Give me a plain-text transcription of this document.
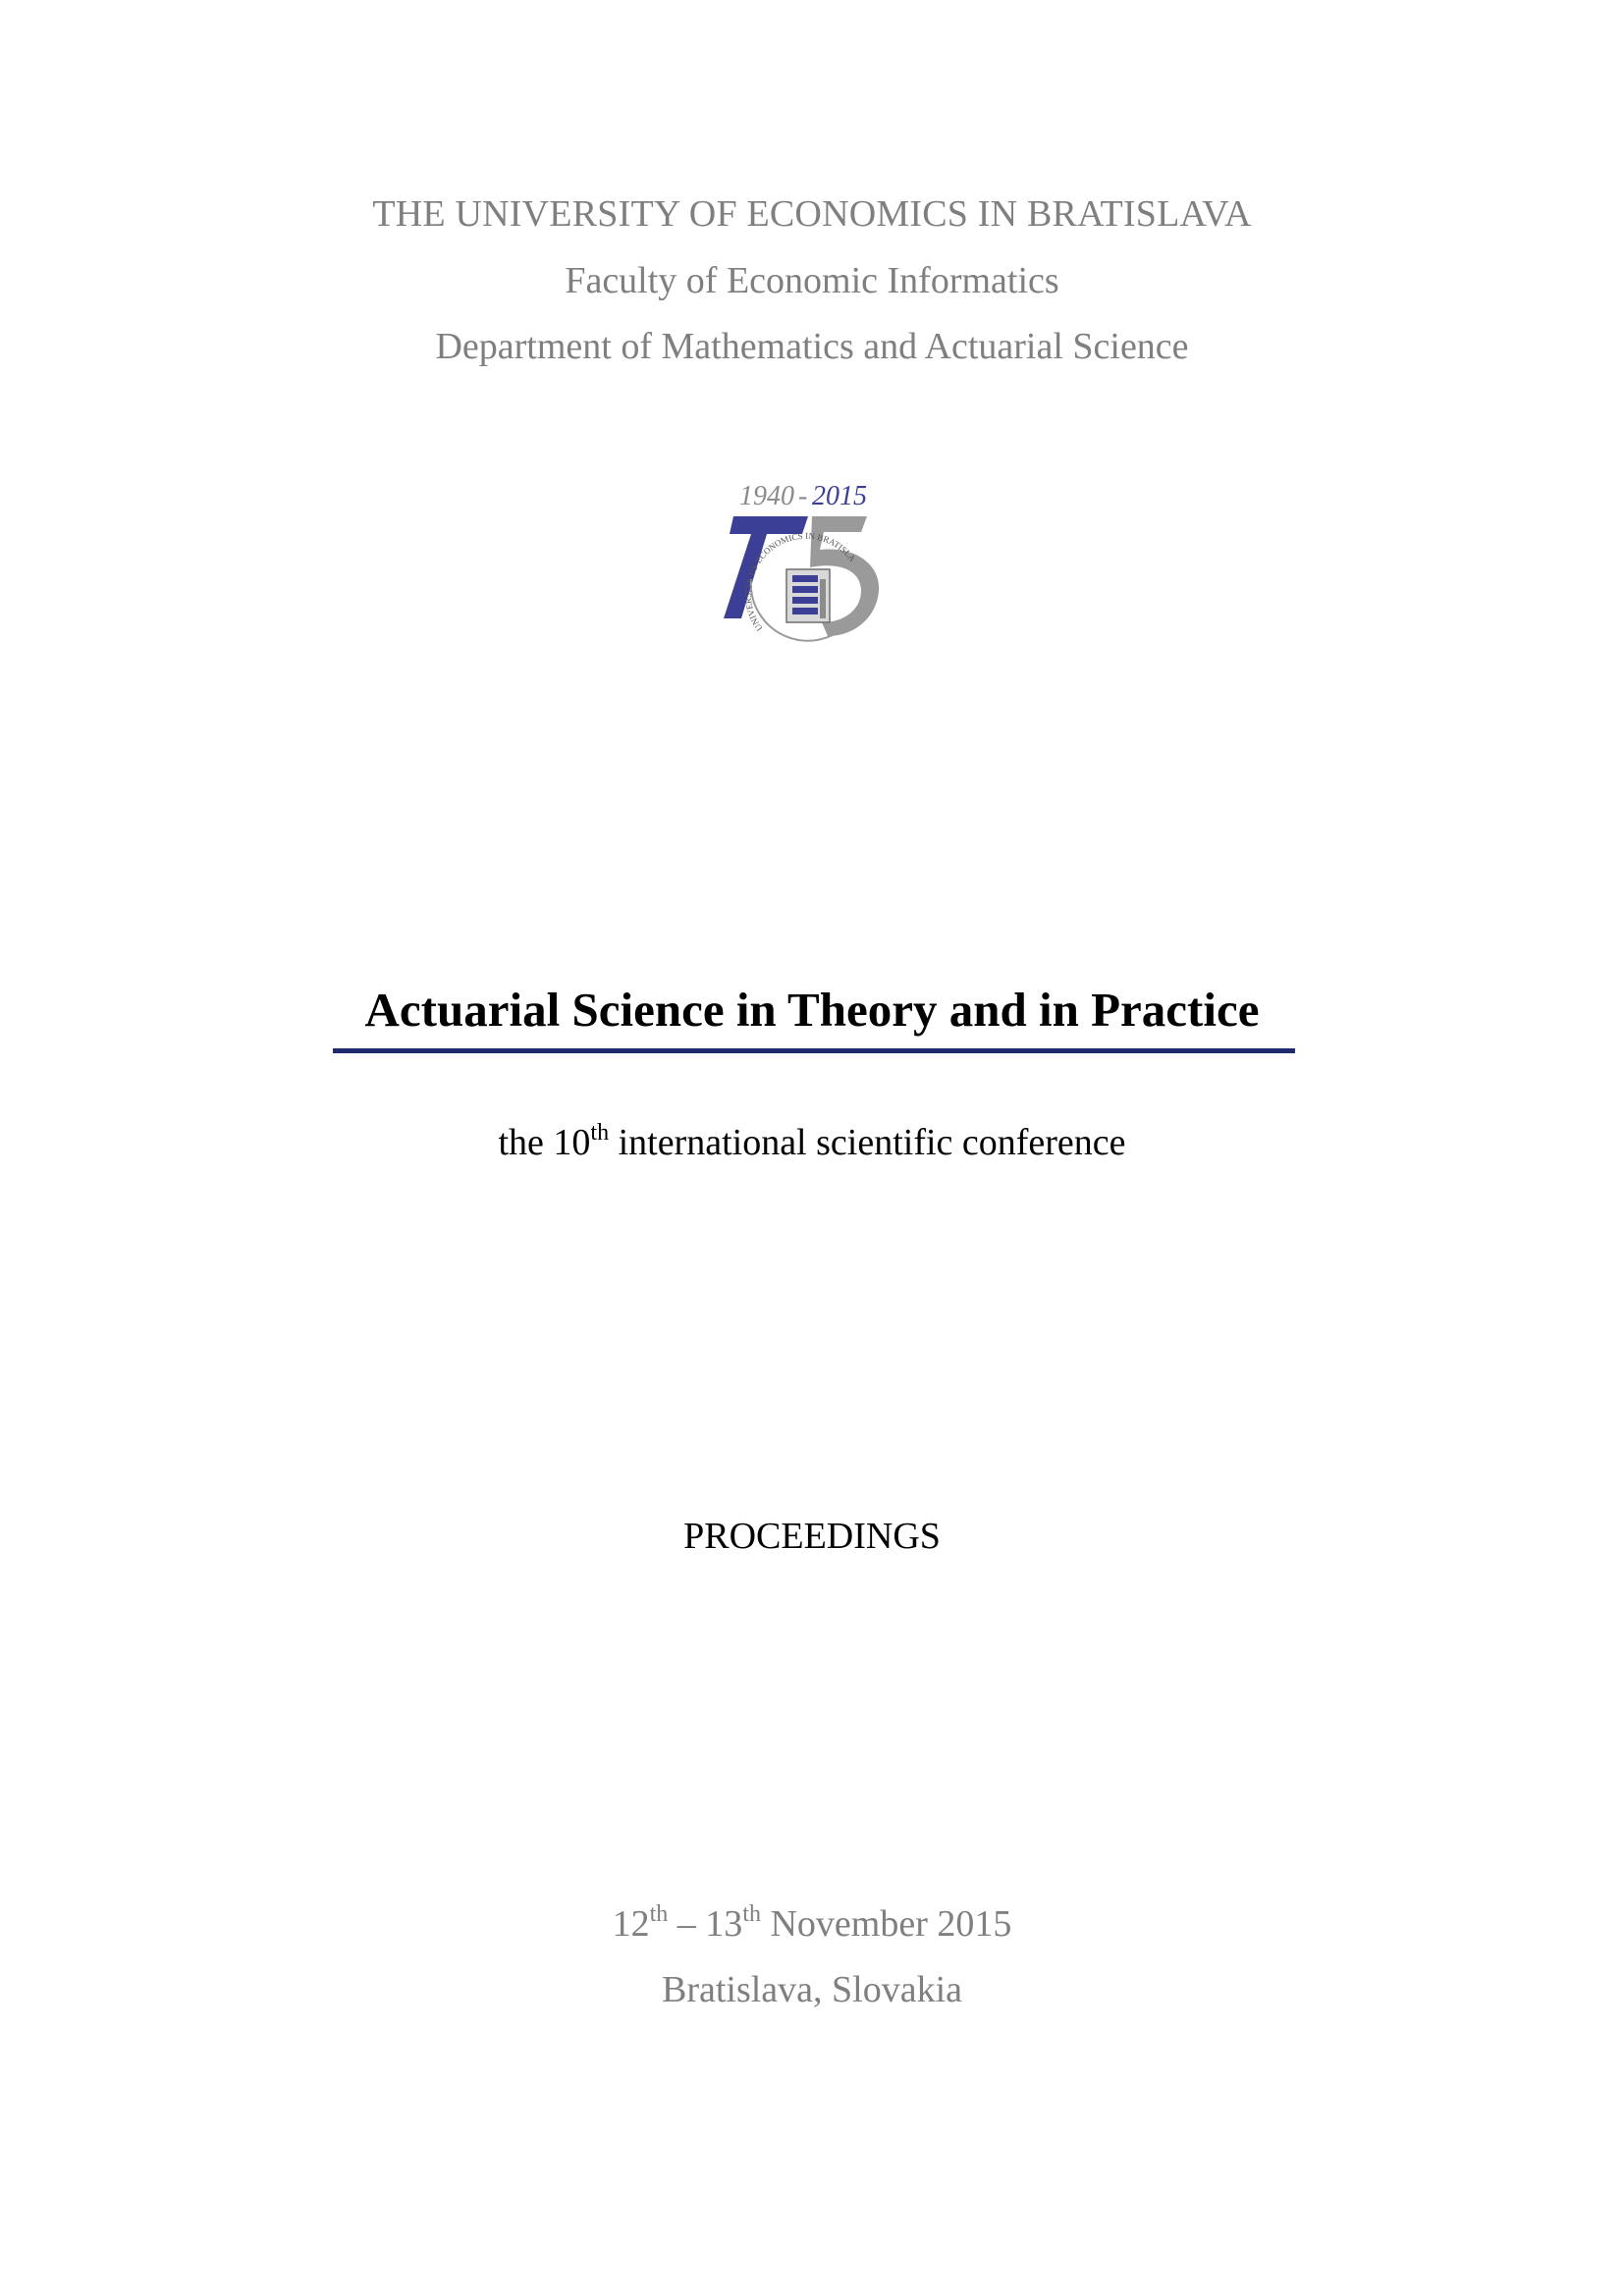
THE UNIVERSITY OF ECONOMICS IN BRATISLAVA
Faculty of Economic Informatics
Department of Mathematics and Actuarial Science
1940 - 2015
UNIVERSITY OF ECONOMICS IN BRATISLA
Actuarial Science in Theory and in Practice
the 10th international scientific conference
PROCEEDINGS
12th – 13th November 2015
Bratislava, Slovakia
